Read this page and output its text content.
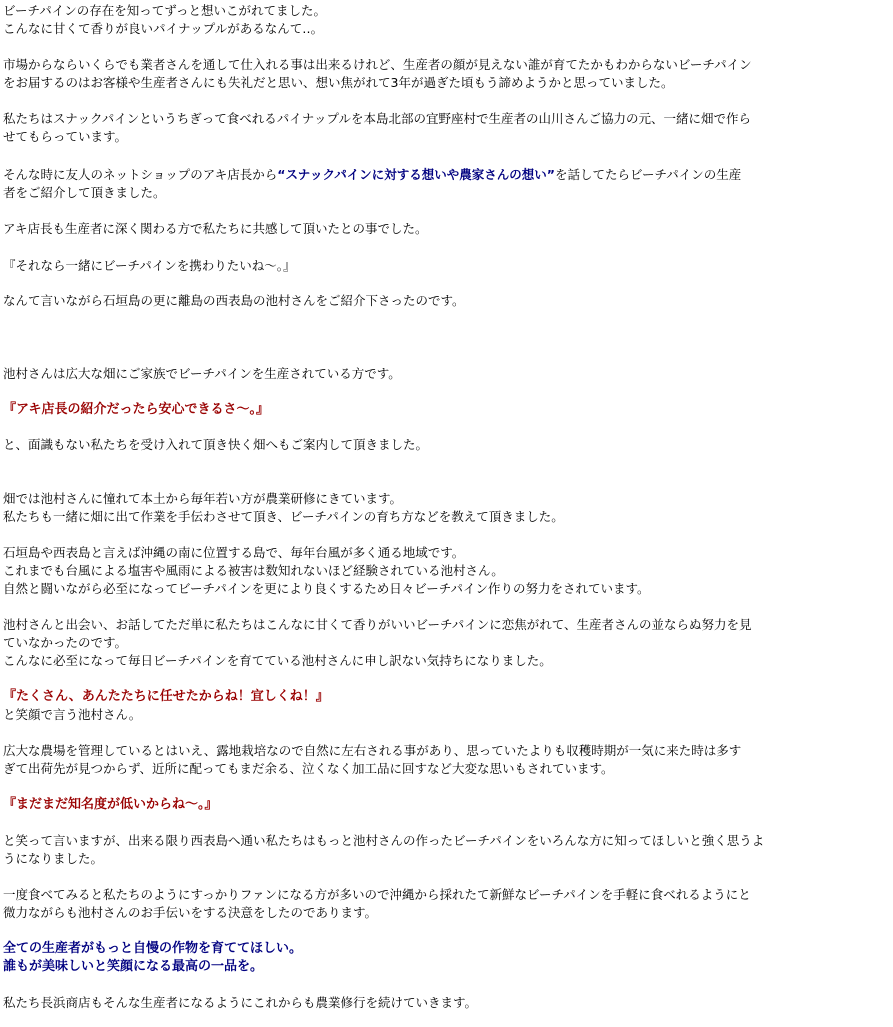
ビーチパインの存在を知ってずっと想いこがれてました。
こんなに甘くて香りが良いパイナップルがあるなんて‥。
市場からならいくらでも業者さんを通して仕入れる事は出来るけれど、生産者の顔が見えない誰が育てたかもわからないビーチパイン
をお届するのはお客様や生産者さんにも失礼だと思い、想い焦がれて3年が過ぎた頃もう諦めようかと思っていました。
私たちはスナックパインというちぎって食べれるパイナップルを本島北部の宜野座村で生産者の山川さんご協力の元、一緒に畑で作ら
せてもらっています。
そんな時に友人のネットショップのアキ店長から“スナックパインに対する想いや農家さんの想い”を話してたらビーチパインの生産
者をご紹介して頂きました。
アキ店長も生産者に深く関わる方で私たちに共感して頂いたとの事でした。
『それなら一緒にビーチパインを携わりたいね～。』
なんて言いながら石垣島の更に離島の西表島の池村さんをご紹介下さったのです。
池村さんは広大な畑にご家族でビーチパインを生産されている方です。
『アキ店長の紹介だったら安心できるさ～。』
と、面識もない私たちを受け入れて頂き快く畑へもご案内して頂きました。
畑では池村さんに憧れて本土から毎年若い方が農業研修にきています。
私たちも一緒に畑に出て作業を手伝わさせて頂き、ビーチパインの育ち方などを教えて頂きました。
石垣島や西表島と言えば沖縄の南に位置する島で、毎年台風が多く通る地域です。
これまでも台風による塩害や風雨による被害は数知れないほど経験されている池村さん。
自然と闘いながら必至になってビーチパインを更により良くするため日々ビーチパイン作りの努力をされています。
池村さんと出会い、お話してただ単に私たちはこんなに甘くて香りがいいビーチパインに恋焦がれて、生産者さんの並ならぬ努力を見
ていなかったのです。
こんなに必至になって毎日ビーチパインを育てている池村さんに申し訳ない気持ちになりました。
『たくさん、あんたたちに任せたからね！宜しくね！』
と笑顔で言う池村さん。
広大な農場を管理しているとはいえ、露地栽培なので自然に左右される事があり、思っていたよりも収穫時期が一気に来た時は多す
ぎて出荷先が見つからず、近所に配ってもまだ余る、泣くなく加工品に回すなど大変な思いもされています。
『まだまだ知名度が低いからね～。』
と笑って言いますが、出来る限り西表島へ通い私たちはもっと池村さんの作ったビーチパインをいろんな方に知ってほしいと強く思うよ
うになりました。
一度食べてみると私たちのようにすっかりファンになる方が多いので沖縄から採れたて新鮮なビーチパインを手軽に食べれるようにと
微力ながらも池村さんのお手伝いをする決意をしたのであります。
全ての生産者がもっと自慢の作物を育ててほしい。
誰もが美味しいと笑顔になる最高の一品を。
私たち長浜商店もそんな生産者になるようにこれからも農業修行を続けていきます。
